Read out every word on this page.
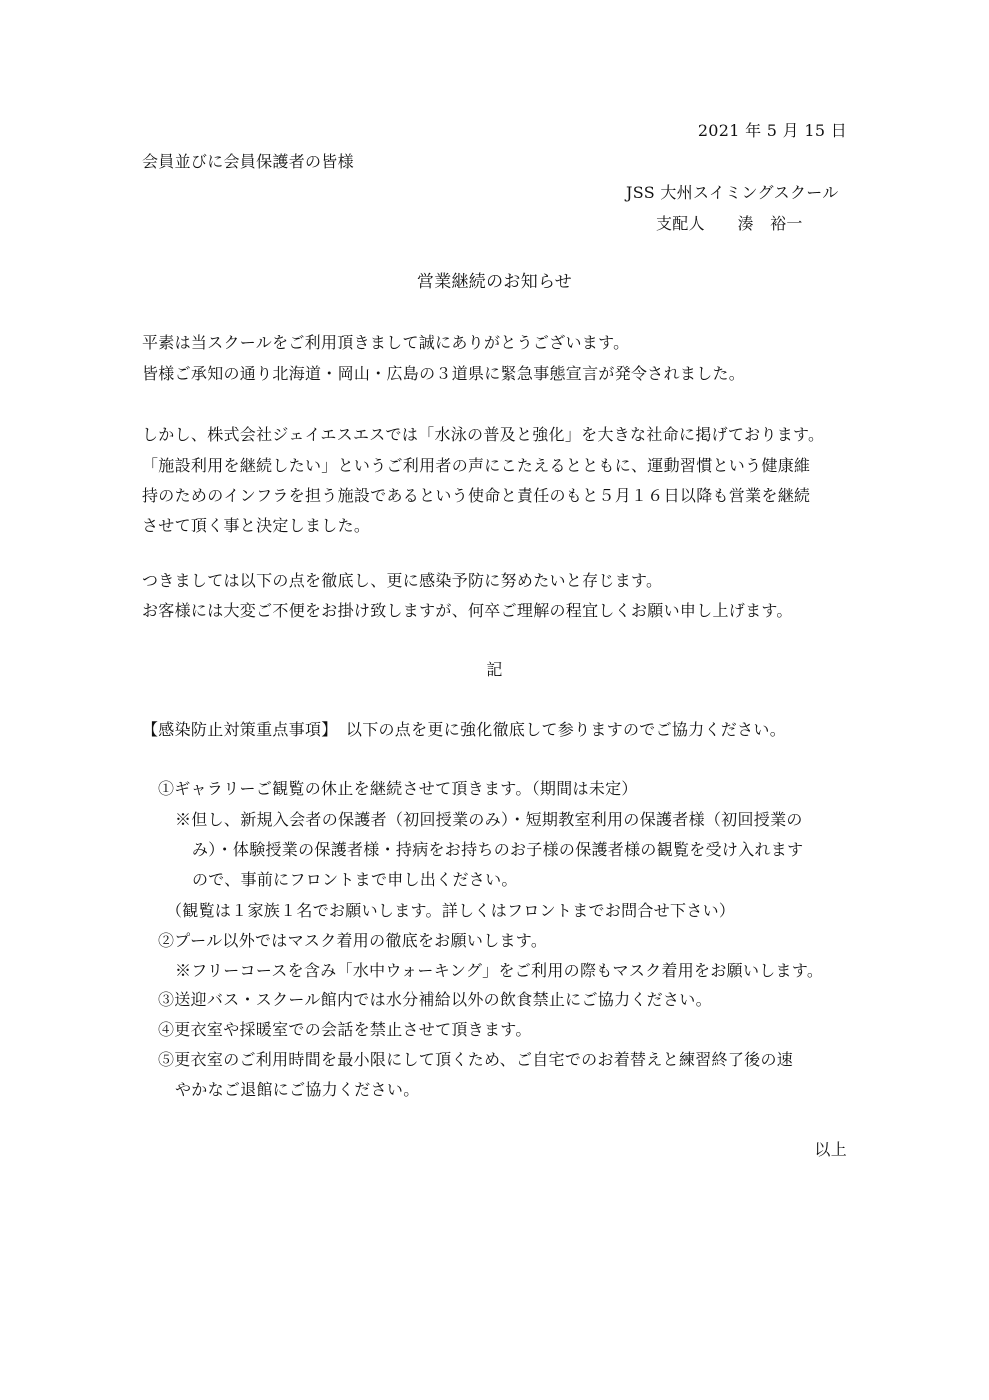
2021 年 5 月 15 日
会員並びに会員保護者の皆様
JSS 大州スイミングスクール
支配人　　湊　裕一
営業継続のお知らせ
平素は当スクールをご利用頂きまして誠にありがとうございます。
皆様ご承知の通り北海道・岡山・広島の３道県に緊急事態宣言が発令されました。
しかし、株式会社ジェイエスエスでは「水泳の普及と強化」を大きな社命に掲げております。
「施設利用を継続したい」というご利用者の声にこたえるとともに、運動習慣という健康維
持のためのインフラを担う施設であるという使命と責任のもと５月１６日以降も営業を継続
させて頂く事と決定しました。
つきましては以下の点を徹底し、更に感染予防に努めたいと存じます。
お客様には大変ご不便をお掛け致しますが、何卒ご理解の程宜しくお願い申し上げます。
記
【感染防止対策重点事項】　以下の点を更に強化徹底して参りますのでご協力ください。
①ギャラリーご観覧の休止を継続させて頂きます。（期間は未定）
※但し、新規入会者の保護者（初回授業のみ）・短期教室利用の保護者様（初回授業の
み）・体験授業の保護者様・持病をお持ちのお子様の保護者様の観覧を受け入れます
ので、事前にフロントまで申し出ください。
（観覧は１家族１名でお願いします。詳しくはフロントまでお問合せ下さい）
②プール以外ではマスク着用の徹底をお願いします。
※フリーコースを含み「水中ウォーキング」をご利用の際もマスク着用をお願いします。
③送迎バス・スクール館内では水分補給以外の飲食禁止にご協力ください。
④更衣室や採暖室での会話を禁止させて頂きます。
⑤更衣室のご利用時間を最小限にして頂くため、ご自宅でのお着替えと練習終了後の速
やかなご退館にご協力ください。
以上
